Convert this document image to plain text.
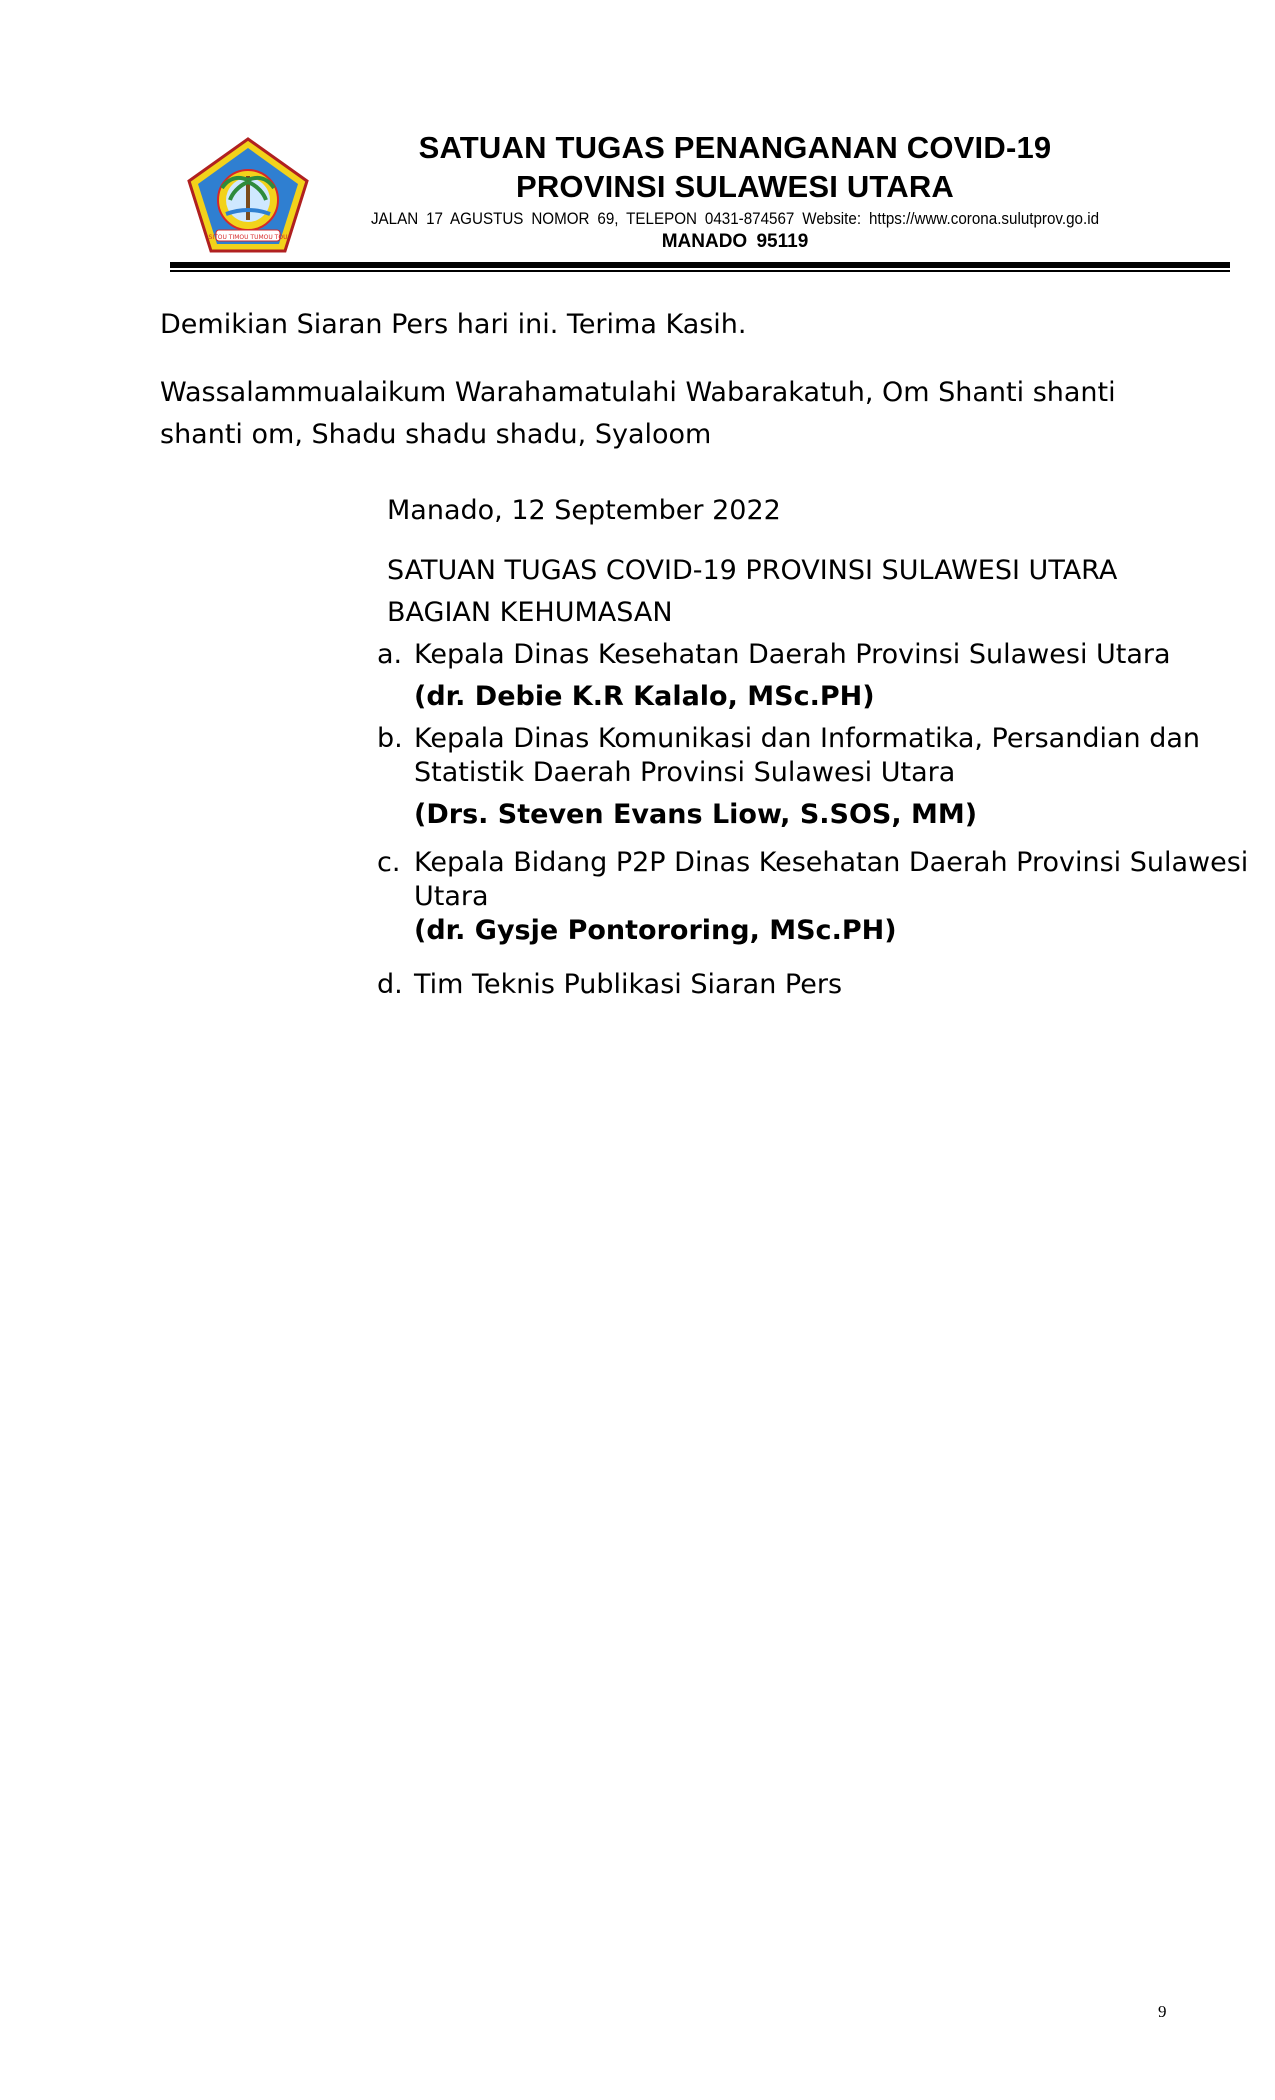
SITOU TIMOU TUMOU TOU
SATUAN TUGAS PENANGANAN COVID-19
PROVINSI SULAWESI UTARA
JALAN 17 AGUSTUS NOMOR 69, TELEPON 0431-874567 Website: https://www.corona.sulutprov.go.id
MANADO 95119
Demikian Siaran Pers hari ini. Terima Kasih.
Wassalammualaikum Warahamatulahi Wabarakatuh, Om Shanti shanti shanti om, Shadu shadu shadu, Syaloom
Manado, 12 September 2022
SATUAN TUGAS COVID-19 PROVINSI SULAWESI UTARA
BAGIAN KEHUMASAN
a. Kepala Dinas Kesehatan Daerah Provinsi Sulawesi Utara
(dr. Debie K.R Kalalo, MSc.PH)
b. Kepala Dinas Komunikasi dan Informatika, Persandian dan Statistik Daerah Provinsi Sulawesi Utara
(Drs. Steven Evans Liow, S.SOS, MM)
c. Kepala Bidang P2P Dinas Kesehatan Daerah Provinsi Sulawesi Utara
(dr. Gysje Pontororing, MSc.PH)
d. Tim Teknis Publikasi Siaran Pers
9
